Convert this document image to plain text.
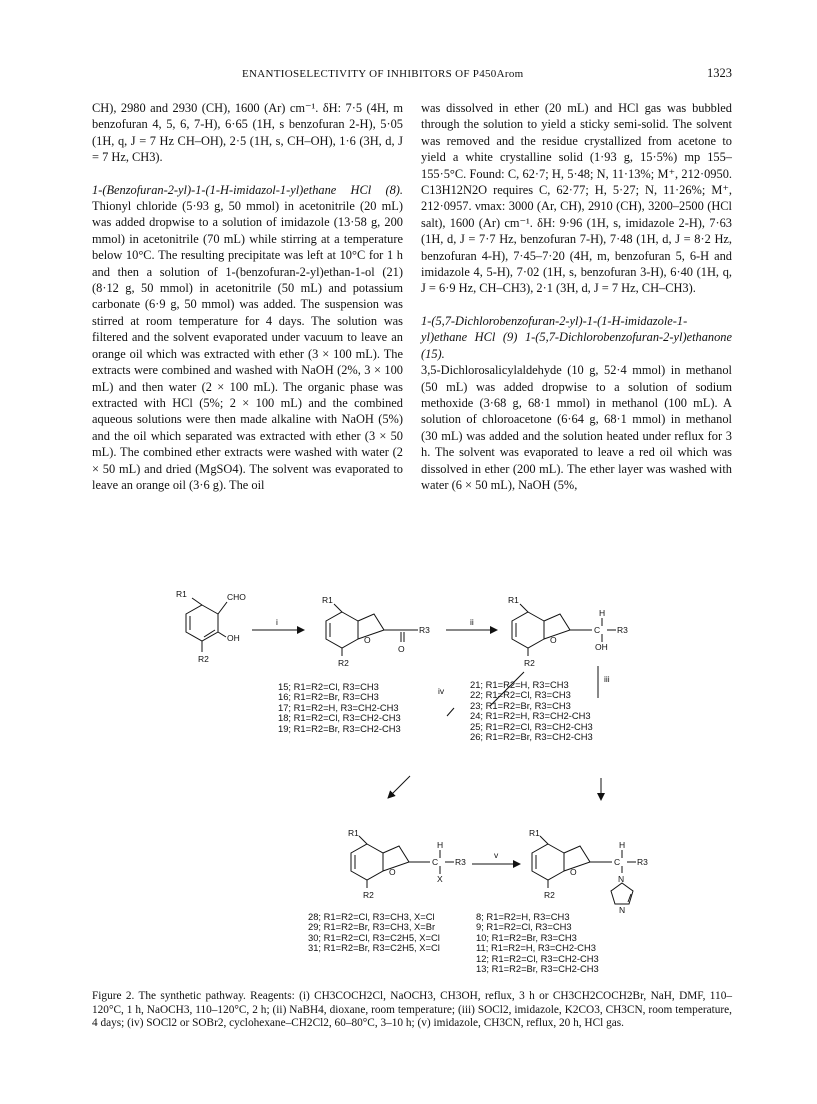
ENANTIOSELECTIVITY OF INHIBITORS OF P450Arom	1323

CH), 2980 and 2930 (CH), 1600 (Ar) cm⁻¹. δH: 7·5 (4H, m benzofuran 4, 5, 6, 7-H), 6·65 (1H, s benzofuran 2-H), 5·05 (1H, q, J = 7 Hz CH–OH), 2·5 (1H, s, CH–OH), 1·6 (3H, d, J = 7 Hz, CH3).

1-(Benzofuran-2-yl)-1-(1-H-imidazol-1-yl)ethane HCl (8). Thionyl chloride (5·93 g, 50 mmol) in acetonitrile (20 mL) was added dropwise to a solution of imidazole (13·58 g, 200 mmol) in acetonitrile (70 mL) while stirring at a temperature below 10°C. The resulting precipitate was left at 10°C for 1 h and then a solution of 1-(benzofuran-2-yl)ethan-1-ol (21) (8·12 g, 50 mmol) in acetonitrile (50 mL) and potassium carbonate (6·9 g, 50 mmol) was added. The suspension was stirred at room temperature for 4 days. The solution was filtered and the solvent evaporated under vacuum to leave an orange oil which was extracted with ether (3 × 100 mL). The extracts were combined and washed with NaOH (2%, 3 × 100 mL) and then water (2 × 100 mL). The organic phase was extracted with HCl (5%; 2 × 100 mL) and the combined aqueous solutions were then made alkaline with NaOH (5%) and the oil which separated was extracted with ether (3 × 50 mL). The combined ether extracts were washed with water (2 × 50 mL) and dried (MgSO4). The solvent was evaporated to leave an orange oil (3·6 g). The oil

was dissolved in ether (20 mL) and HCl gas was bubbled through the solution to yield a sticky semi-solid. The solvent was removed and the residue crystallized from acetone to yield a white crystalline solid (1·93 g, 15·5%) mp 155–155·5°C. Found: C, 62·7; H, 5·48; N, 11·13%; M⁺, 212·0950. C13H12N2O requires C, 62·77; H, 5·27; N, 11·26%; M⁺, 212·0957. νmax: 3000 (Ar, CH), 2910 (CH), 3200–2500 (HCl salt), 1600 (Ar) cm⁻¹. δH: 9·96 (1H, s, imidazole 2-H), 7·63 (1H, d, J = 7·7 Hz, benzofuran 7-H), 7·48 (1H, d, J = 8·2 Hz, benzofuran 4-H), 7·45–7·20 (4H, m, benzofuran 5, 6-H and imidazole 4, 5-H), 7·02 (1H, s, benzofuran 3-H), 6·40 (1H, q, J = 6·9 Hz, CH–CH3), 2·1 (3H, d, J = 7 Hz, CH–CH3).

1-(5,7-Dichlorobenzofuran-2-yl)-1-(1-H-imidazole-1-yl)ethane HCl (9) 1-(5,7-Dichlorobenzofuran-2-yl)ethanone (15).

3,5-Dichlorosalicylaldehyde (10 g, 52·4 mmol) in methanol (50 mL) was added dropwise to a solution of sodium methoxide (3·68 g, 68·1 mmol) in methanol (100 mL). A solution of chloroacetone (6·64 g, 68·1 mmol) in methanol (30 mL) was added and the solution heated under reflux for 3 h. The solvent was evaporated to leave a red oil which was dissolved in ether (200 mL). The ether layer was washed with water (6 × 50 mL), NaOH (5%,

R1	CHO
OH
R2
i
R1
O
R3
O
R2
ii
R1
O
H
C R3
OH
R2
iii
iv
R1
O
H
C R3
X
R2
v
R1
O
H
C R3
N
N
R2
15; R1=R2=Cl, R3=CH3
16; R1=R2=Br, R3=CH3
17; R1=R2=H, R3=CH2-CH3
18; R1=R2=Cl, R3=CH2-CH3
19; R1=R2=Br, R3=CH2-CH3
21; R1=R2=H, R3=CH3
22; R1=R2=Cl, R3=CH3
23; R1=R2=Br, R3=CH3
24; R1=R2=H, R3=CH2-CH3
25; R1=R2=Cl, R3=CH2-CH3
26; R1=R2=Br, R3=CH2-CH3
28; R1=R2=Cl, R3=CH3, X=Cl
29; R1=R2=Br, R3=CH3, X=Br
30; R1=R2=Cl, R3=C2H5, X=Cl
31; R1=R2=Br, R3=C2H5, X=Cl
8; R1=R2=H, R3=CH3
9; R1=R2=Cl, R3=CH3
10; R1=R2=Br, R3=CH3
11; R1=R2=H, R3=CH2-CH3
12; R1=R2=Cl, R3=CH2-CH3
13; R1=R2=Br, R3=CH2-CH3
Figure 2. The synthetic pathway. Reagents: (i) CH3COCH2Cl, NaOCH3, CH3OH, reflux, 3 h or CH3CH2COCH2Br, NaH, DMF, 110–120°C, 1 h, NaOCH3, 110–120°C, 2 h; (ii) NaBH4, dioxane, room temperature; (iii) SOCl2, imidazole, K2CO3, CH3CN, room temperature, 4 days; (iv) SOCl2 or SOBr2, cyclohexane–CH2Cl2, 60–80°C, 3–10 h; (v) imidazole, CH3CN, reflux, 20 h, HCl gas.
